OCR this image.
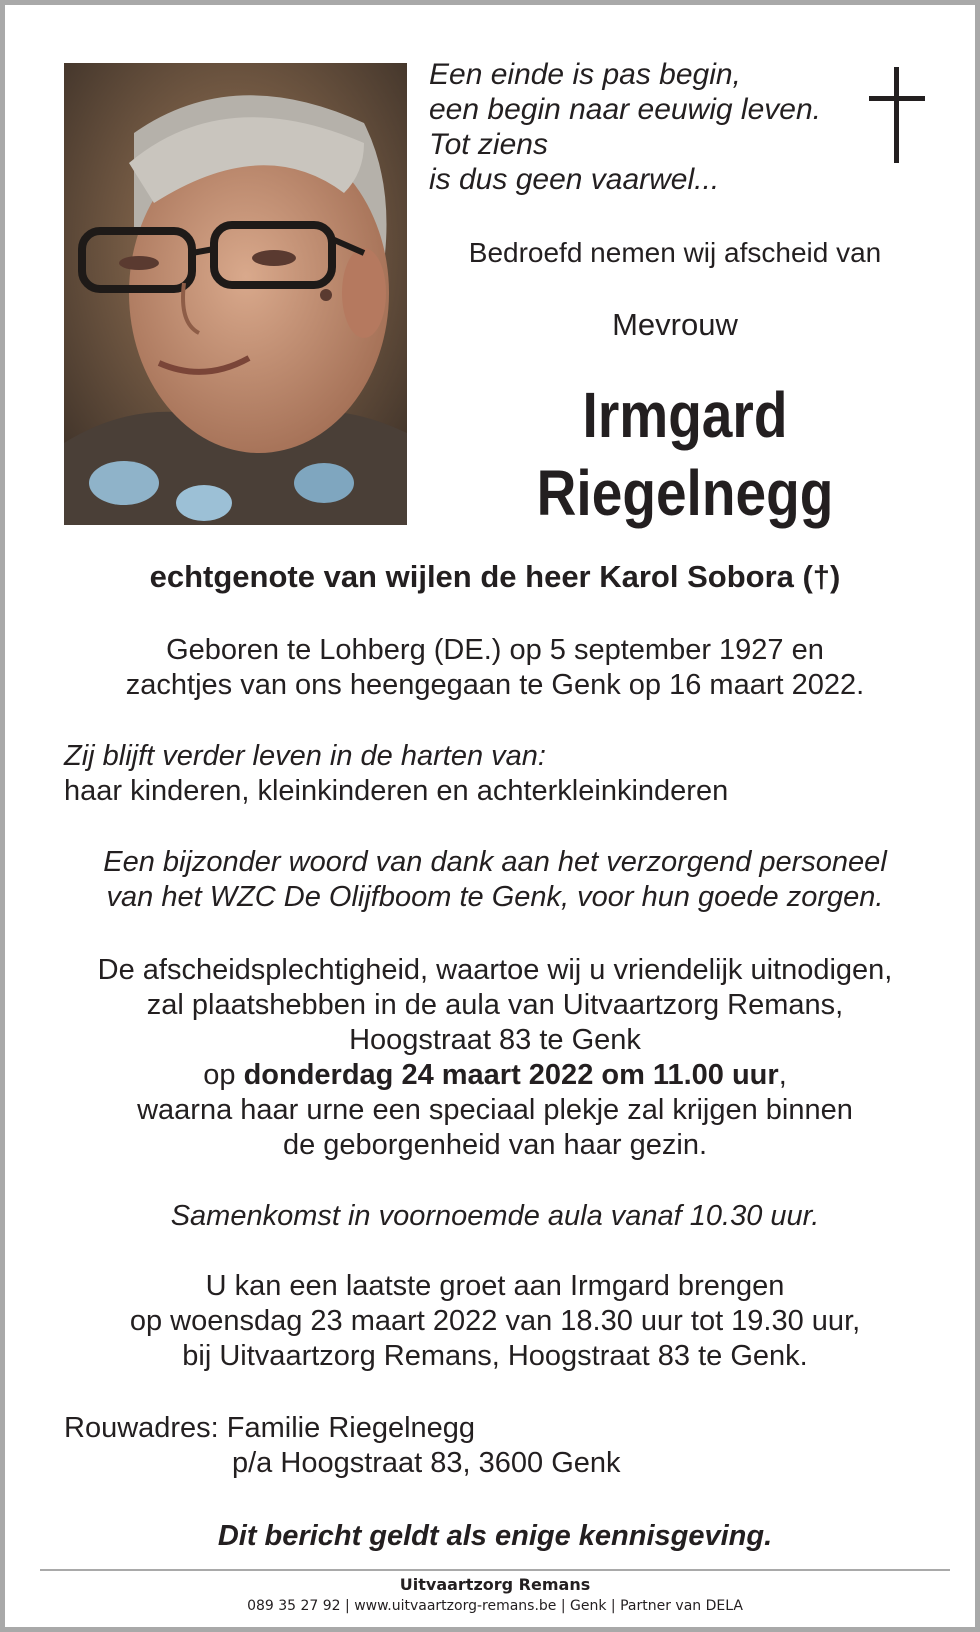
Een einde is pas begin,
een begin naar eeuwig leven.
Tot ziens
is dus geen vaarwel...
Bedroefd nemen wij afscheid van
Mevrouw
Irmgard
Riegelnegg
echtgenote van wijlen de heer Karol Sobora (†)
Geboren te Lohberg (DE.) op 5 september 1927 en
zachtjes van ons heengegaan te Genk op 16 maart 2022.
Zij blijft verder leven in de harten van:
haar kinderen, kleinkinderen en achterkleinkinderen
Een bijzonder woord van dank aan het verzorgend personeel
van het WZC De Olijfboom te Genk, voor hun goede zorgen.
De afscheidsplechtigheid, waartoe wij u vriendelijk uitnodigen,
zal plaatshebben in de aula van Uitvaartzorg Remans,
Hoogstraat 83 te Genk
op donderdag 24 maart 2022 om 11.00 uur,
waarna haar urne een speciaal plekje zal krijgen binnen
de geborgenheid van haar gezin.
Samenkomst in voornoemde aula vanaf 10.30 uur.
U kan een laatste groet aan Irmgard brengen
op woensdag 23 maart 2022 van 18.30 uur tot 19.30 uur,
bij Uitvaartzorg Remans, Hoogstraat 83 te Genk.
Rouwadres: Familie Riegelnegg
p/a Hoogstraat 83, 3600 Genk
Dit bericht geldt als enige kennisgeving.
Uitvaartzorg Remans
089 35 27 92 | www.uitvaartzorg-remans.be | Genk | Partner van DELA
